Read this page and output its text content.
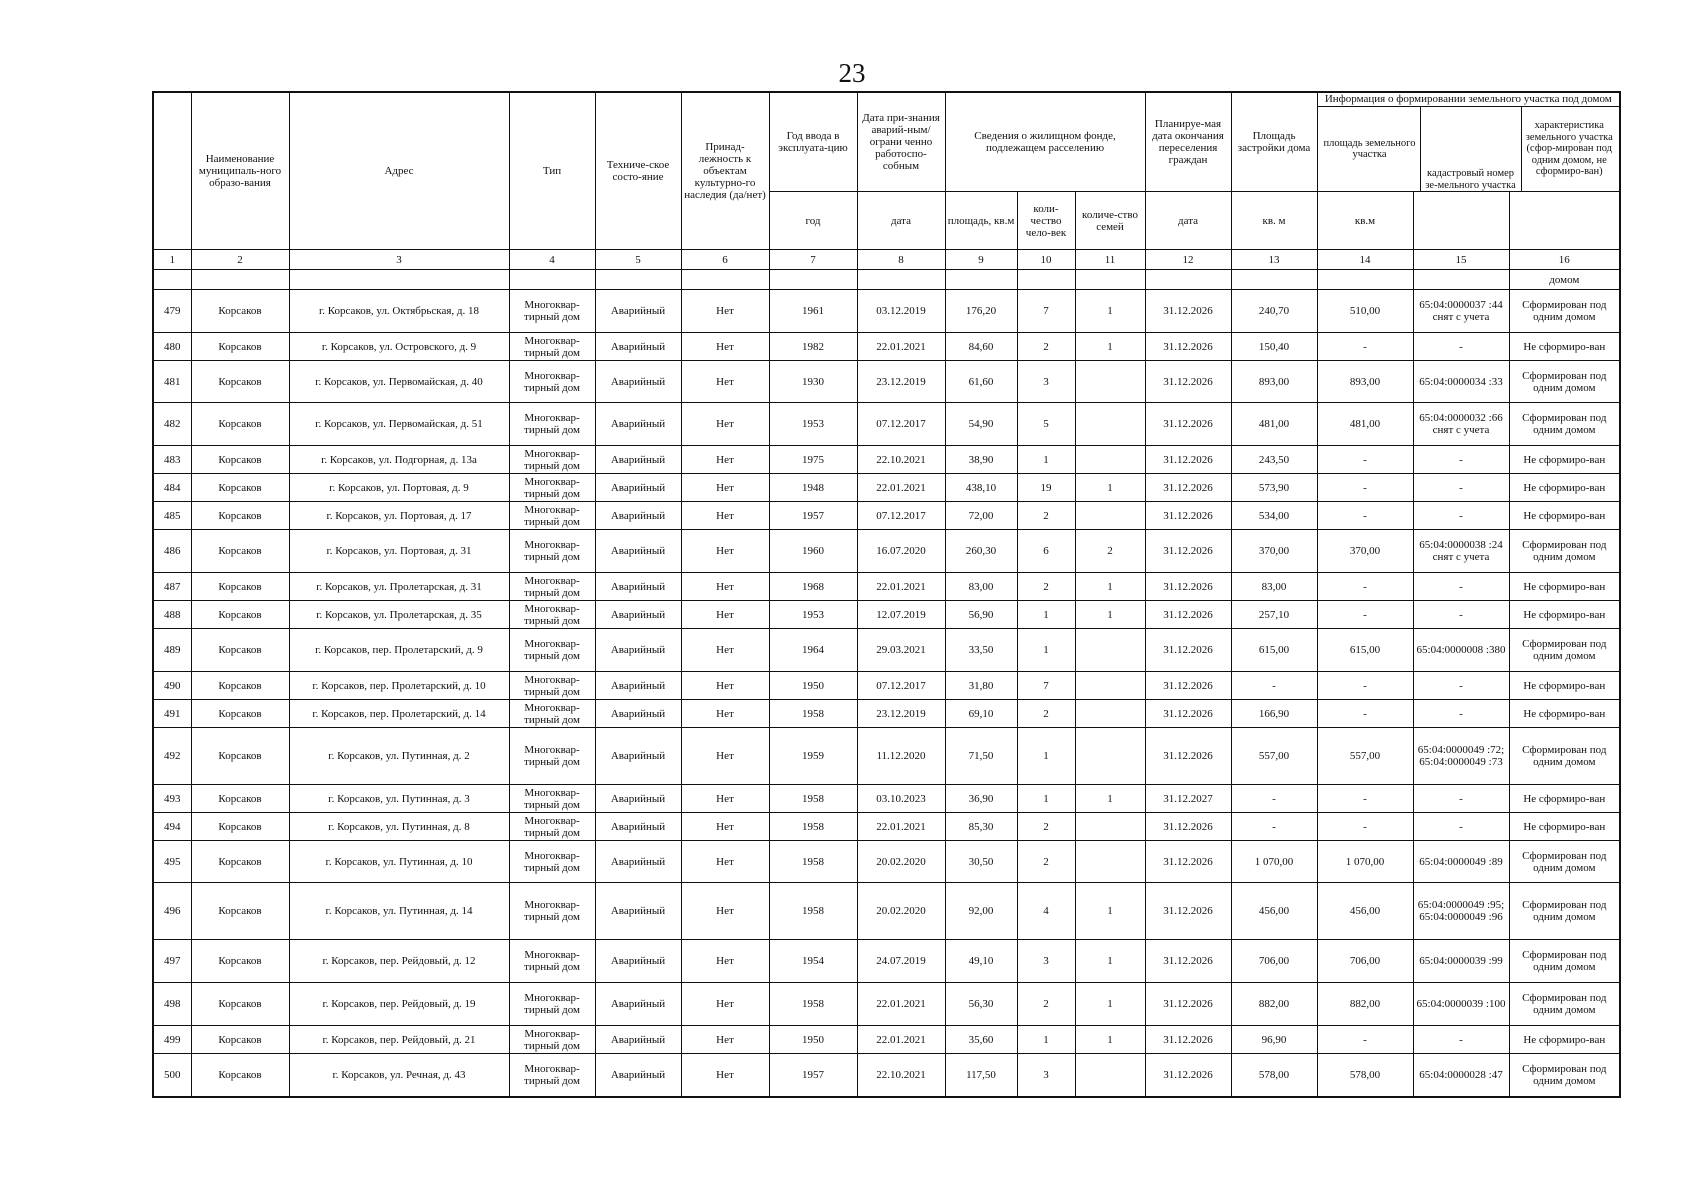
23
	Наименование муниципаль-ного образо-вания	Адрес	Тип	Техниче-ское состо-яние	Принад-лежность к объектам культурно-го наследия (да/нет)	Год ввода в эксплуата-цию	Дата при-знания аварий-ным/ограни ченно работоспо-собным	Сведения о жилищном фонде, подлежащем расселению	Планируе-мая дата окончания переселения граждан	Площадь застройки дома	
Информация о формировании земельного участка под домом
площадь земельного участка	кадастровый номер зе-мельного участка	характеристика земельного участка (сфор-мирован под одним домом, не сформиро-ван)

год	дата	площадь, кв.м	коли-чество чело-век	количе-ство семей	дата	кв. м	кв.м		
1	2	3	4	5	6	7	8	9	10	11	12	13	14	15	16
															домом
479	Корсаков	г. Корсаков, ул. Октябрьская, д. 18	Многоквар-тирный дом	Аварийный	Нет	1961	03.12.2019	176,20	7	1	31.12.2026	240,70	510,00	65:04:0000037 :44 снят с учета	Сформирован под одним домом
480	Корсаков	г. Корсаков, ул. Островского, д. 9	Многоквар-тирный дом	Аварийный	Нет	1982	22.01.2021	84,60	2	1	31.12.2026	150,40	-	-	Не сформиро-ван
481	Корсаков	г. Корсаков, ул. Первомайская, д. 40	Многоквар-тирный дом	Аварийный	Нет	1930	23.12.2019	61,60	3		31.12.2026	893,00	893,00	65:04:0000034 :33	Сформирован под одним домом
482	Корсаков	г. Корсаков, ул. Первомайская, д. 51	Многоквар-тирный дом	Аварийный	Нет	1953	07.12.2017	54,90	5		31.12.2026	481,00	481,00	65:04:0000032 :66 снят с учета	Сформирован под одним домом
483	Корсаков	г. Корсаков, ул. Подгорная, д. 13а	Многоквар-тирный дом	Аварийный	Нет	1975	22.10.2021	38,90	1		31.12.2026	243,50	-	-	Не сформиро-ван
484	Корсаков	г. Корсаков, ул. Портовая, д. 9	Многоквар-тирный дом	Аварийный	Нет	1948	22.01.2021	438,10	19	1	31.12.2026	573,90	-	-	Не сформиро-ван
485	Корсаков	г. Корсаков, ул. Портовая, д. 17	Многоквар-тирный дом	Аварийный	Нет	1957	07.12.2017	72,00	2		31.12.2026	534,00	-	-	Не сформиро-ван
486	Корсаков	г. Корсаков, ул. Портовая, д. 31	Многоквар-тирный дом	Аварийный	Нет	1960	16.07.2020	260,30	6	2	31.12.2026	370,00	370,00	65:04:0000038 :24 снят с учета	Сформирован под одним домом
487	Корсаков	г. Корсаков, ул. Пролетарская, д. 31	Многоквар-тирный дом	Аварийный	Нет	1968	22.01.2021	83,00	2	1	31.12.2026	83,00	-	-	Не сформиро-ван
488	Корсаков	г. Корсаков, ул. Пролетарская, д. 35	Многоквар-тирный дом	Аварийный	Нет	1953	12.07.2019	56,90	1	1	31.12.2026	257,10	-	-	Не сформиро-ван
489	Корсаков	г. Корсаков, пер. Пролетарский, д. 9	Многоквар-тирный дом	Аварийный	Нет	1964	29.03.2021	33,50	1		31.12.2026	615,00	615,00	65:04:0000008 :380	Сформирован под одним домом
490	Корсаков	г. Корсаков, пер. Пролетарский, д. 10	Многоквар-тирный дом	Аварийный	Нет	1950	07.12.2017	31,80	7		31.12.2026	-	-	-	Не сформиро-ван
491	Корсаков	г. Корсаков, пер. Пролетарский, д. 14	Многоквар-тирный дом	Аварийный	Нет	1958	23.12.2019	69,10	2		31.12.2026	166,90	-	-	Не сформиро-ван
492	Корсаков	г. Корсаков, ул. Путинная, д. 2	Многоквар-тирный дом	Аварийный	Нет	1959	11.12.2020	71,50	1		31.12.2026	557,00	557,00	65:04:0000049 :72; 65:04:0000049 :73	Сформирован под одним домом
493	Корсаков	г. Корсаков, ул. Путинная, д. 3	Многоквар-тирный дом	Аварийный	Нет	1958	03.10.2023	36,90	1	1	31.12.2027	-	-	-	Не сформиро-ван
494	Корсаков	г. Корсаков, ул. Путинная, д. 8	Многоквар-тирный дом	Аварийный	Нет	1958	22.01.2021	85,30	2		31.12.2026	-	-	-	Не сформиро-ван
495	Корсаков	г. Корсаков, ул. Путинная, д. 10	Многоквар-тирный дом	Аварийный	Нет	1958	20.02.2020	30,50	2		31.12.2026	1 070,00	1 070,00	65:04:0000049 :89	Сформирован под одним домом
496	Корсаков	г. Корсаков, ул. Путинная, д. 14	Многоквар-тирный дом	Аварийный	Нет	1958	20.02.2020	92,00	4	1	31.12.2026	456,00	456,00	65:04:0000049 :95; 65:04:0000049 :96	Сформирован под одним домом
497	Корсаков	г. Корсаков, пер. Рейдовый, д. 12	Многоквар-тирный дом	Аварийный	Нет	1954	24.07.2019	49,10	3	1	31.12.2026	706,00	706,00	65:04:0000039 :99	Сформирован под одним домом
498	Корсаков	г. Корсаков, пер. Рейдовый, д. 19	Многоквар-тирный дом	Аварийный	Нет	1958	22.01.2021	56,30	2	1	31.12.2026	882,00	882,00	65:04:0000039 :100	Сформирован под одним домом
499	Корсаков	г. Корсаков, пер. Рейдовый, д. 21	Многоквар-тирный дом	Аварийный	Нет	1950	22.01.2021	35,60	1	1	31.12.2026	96,90	-	-	Не сформиро-ван
500	Корсаков	г. Корсаков, ул. Речная, д. 43	Многоквар-тирный дом	Аварийный	Нет	1957	22.10.2021	117,50	3		31.12.2026	578,00	578,00	65:04:0000028 :47	Сформирован под одним домом
